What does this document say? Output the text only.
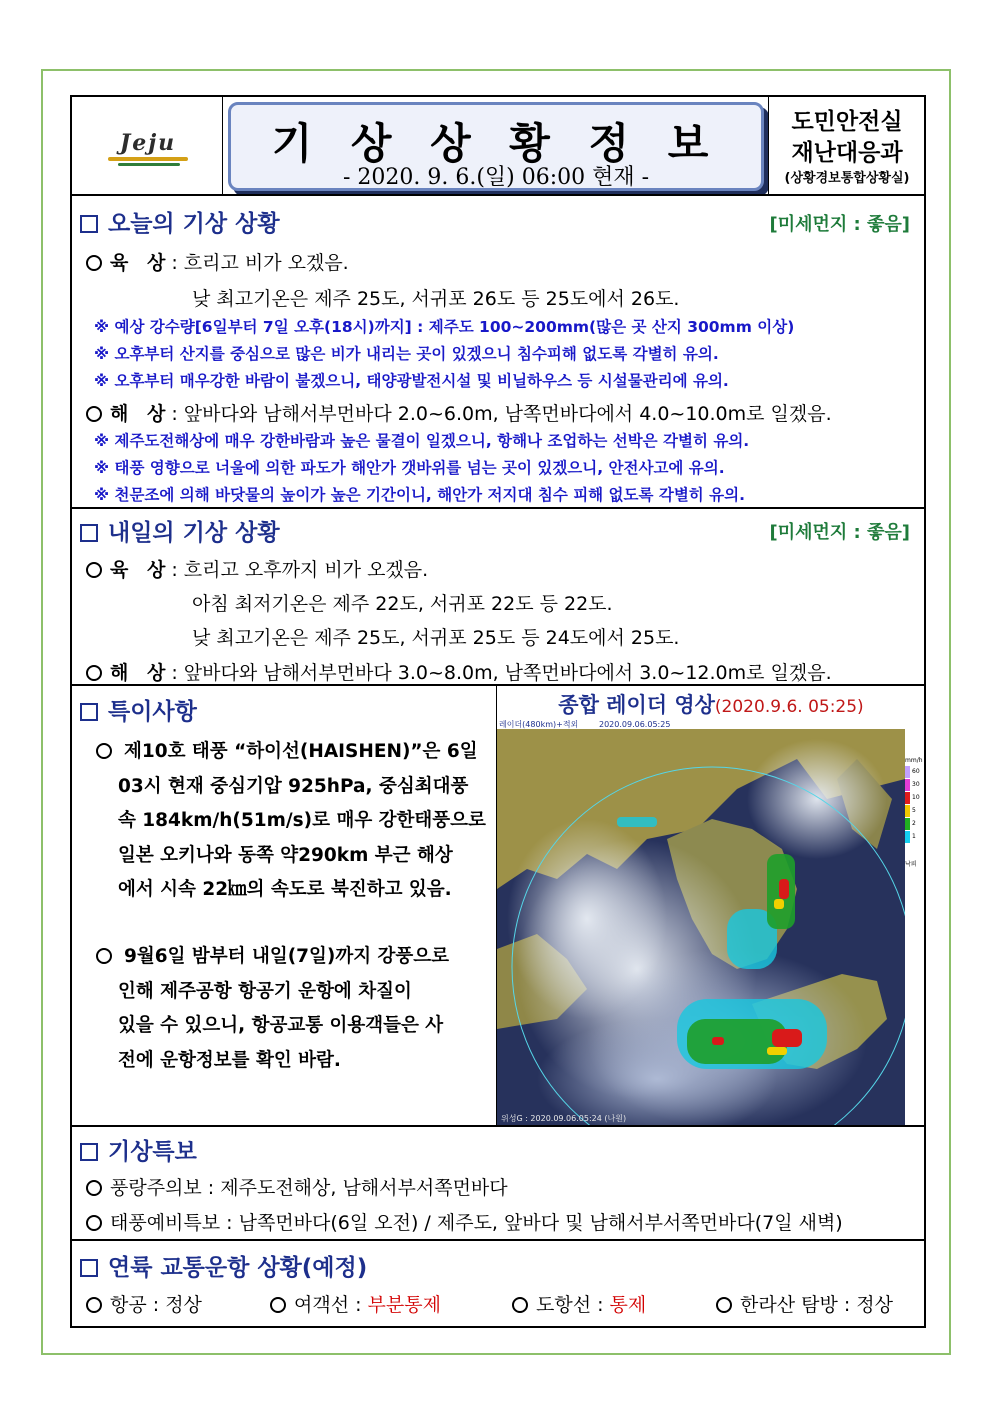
Jeju	기 상 상 황 정 보
- 2020. 9. 6.(일) 06:00 현재 -
도민안전실
재난대응과
(상황경보통합상황실)
오늘의 기상 상황	[미세먼지 : 좋음]
육 상: 흐리고 비가 오겠음.
낮 최고기온은 제주 25도, 서귀포 26도 등 25도에서 26도.
※ 예상 강수량[6일부터 7일 오후(18시)까지] : 제주도 100~200mm(많은 곳 산지 300mm 이상)
※ 오후부터 산지를 중심으로 많은 비가 내리는 곳이 있겠으니 침수피해 없도록 각별히 유의.
※ 오후부터 매우강한 바람이 불겠으니, 태양광발전시설 및 비닐하우스 등 시설물관리에 유의.
해 상: 앞바다와 남해서부먼바다 2.0~6.0m, 남쪽먼바다에서 4.0~10.0m로 일겠음.
※ 제주도전해상에 매우 강한바람과 높은 물결이 일겠으니, 항해나 조업하는 선박은 각별히 유의.
※ 태풍 영향으로 너울에 의한 파도가 해안가 갯바위를 넘는 곳이 있겠으니, 안전사고에 유의.
※ 천문조에 의해 바닷물의 높이가 높은 기간이니, 해안가 저지대 침수 피해 없도록 각별히 유의.
내일의 기상 상황	[미세먼지 : 좋음]
육 상: 흐리고 오후까지 비가 오겠음.
아침 최저기온은 제주 22도, 서귀포 22도 등 22도.
낮 최고기온은 제주 25도, 서귀포 25도 등 24도에서 25도.
해 상: 앞바다와 남해서부먼바다 3.0~8.0m, 남쪽먼바다에서 3.0~12.0m로 일겠음.
특이사항
제10호 태풍 “하이선(HAISHEN)”은 6일
03시 현재 중심기압 925hPa, 중심최대풍
속 184km/h(51m/s)로 매우 강한태풍으로
일본 오키나와 동쪽 약290km 부근 해상
에서 시속 22㎞의 속도로 북진하고 있음.
9월6일 밤부터 내일(7일)까지 강풍으로
인해 제주공항 항공기 운항에 차질이
있을 수 있으니, 항공교통 이용객들은 사
전에 운항정보를 확인 바람.
종합 레이더 영상(2020.9.6. 05:25)
레이더(480km)+적외	2020.09.06.05:25
위성G : 2020.09.06.05:24 (나원)
mm/h
60
30
10
5
2
1
낙뢰
기상특보
풍랑주의보 : 제주도전해상, 남해서부서쪽먼바다
태풍예비특보 : 남쪽먼바다(6일 오전) / 제주도, 앞바다 및 남해서부서쪽먼바다(7일 새벽)
연륙 교통운항 상황(예정)
항공 : 정상	여객선 : 부분통제	도항선 : 통제	한라산 탐방 : 정상
